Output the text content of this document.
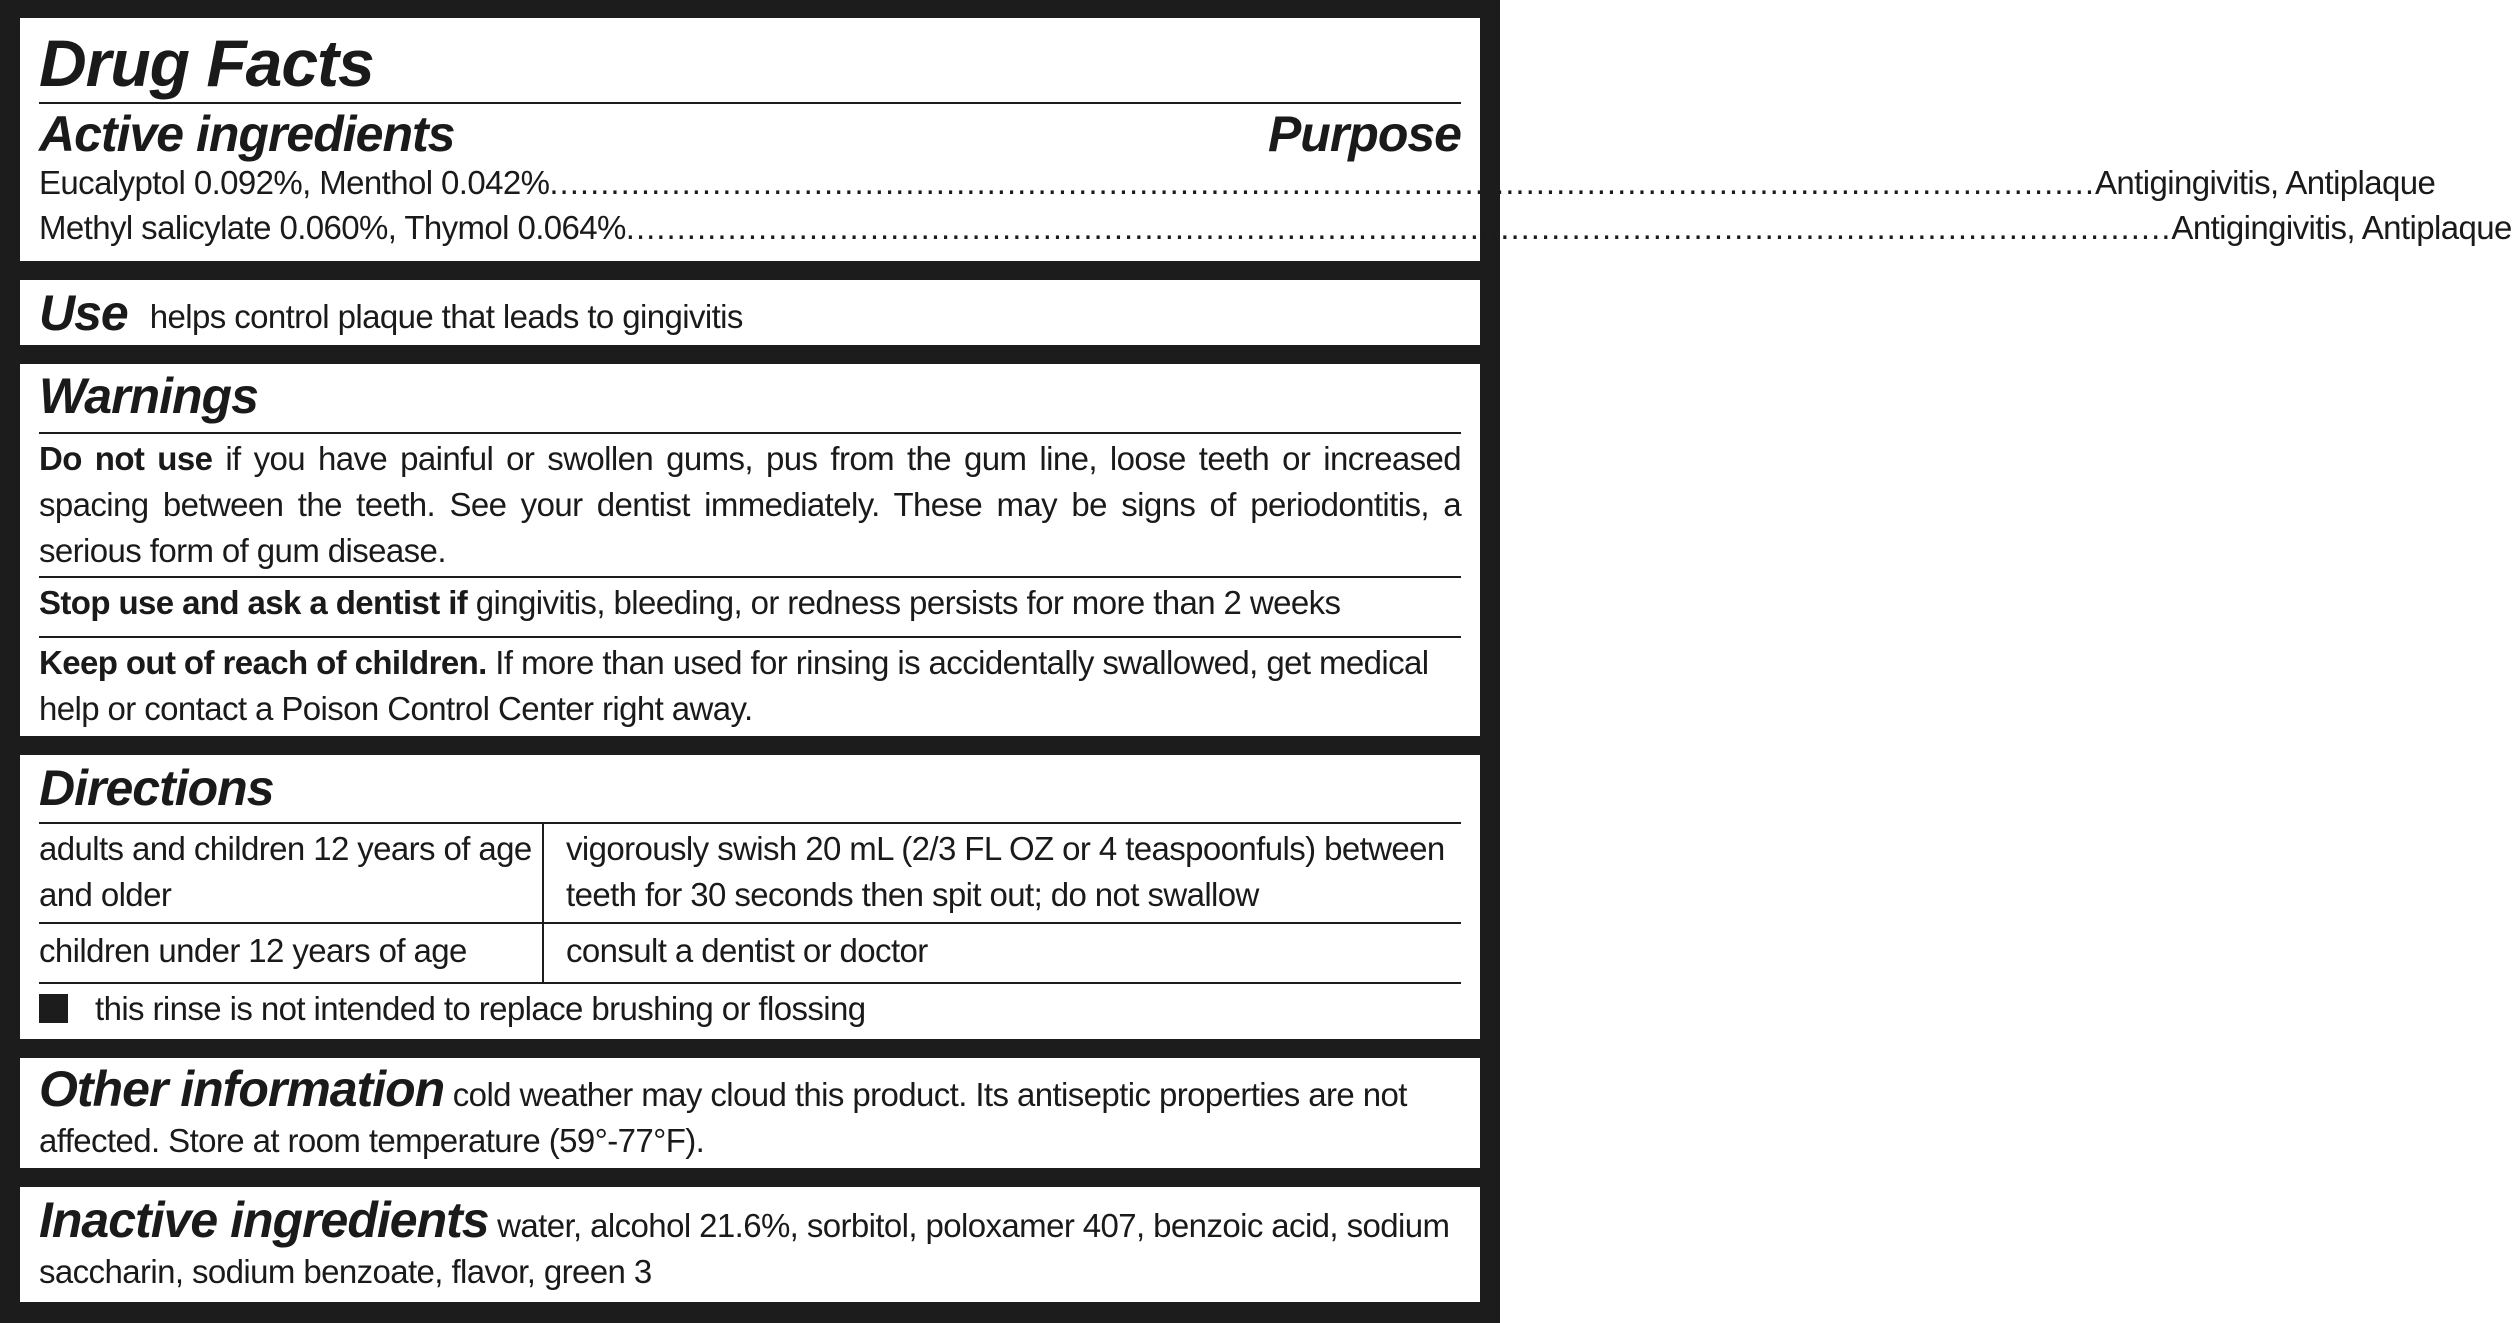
Drug Facts
Active ingredients	Purpose
Eucalyptol 0.092%, Menthol 0.042% ........................................................................................................................................................ Antigingivitis, Antiplaque
Methyl salicylate 0.060%, Thymol 0.064% ........................................................................................................................................................ Antigingivitis, Antiplaque
Use helps control plaque that leads to gingivitis
Warnings
Do not use if you have painful or swollen gums, pus from the gum line, loose teeth or increased spacing between the teeth. See your dentist immediately. These may be signs of periodontitis, a serious form of gum disease.
Stop use and ask a dentist if gingivitis, bleeding, or redness persists for more than 2 weeks
Keep out of reach of children. If more than used for rinsing is accidentally swallowed, get medical help or contact a Poison Control Center right away.
Directions
adults and children 12 years of age and older
vigorously swish 20 mL (2/3 FL OZ or 4 teaspoonfuls) between teeth for 30 seconds then spit out; do not swallow
children under 12 years of age	consult a dentist or doctor
this rinse is not intended to replace brushing or flossing
Other information cold weather may cloud this product. Its antiseptic properties are not affected. Store at room temperature (59°-77°F).
Inactive ingredients water, alcohol 21.6%, sorbitol, poloxamer 407, benzoic acid, sodium saccharin, sodium benzoate, flavor, green 3
